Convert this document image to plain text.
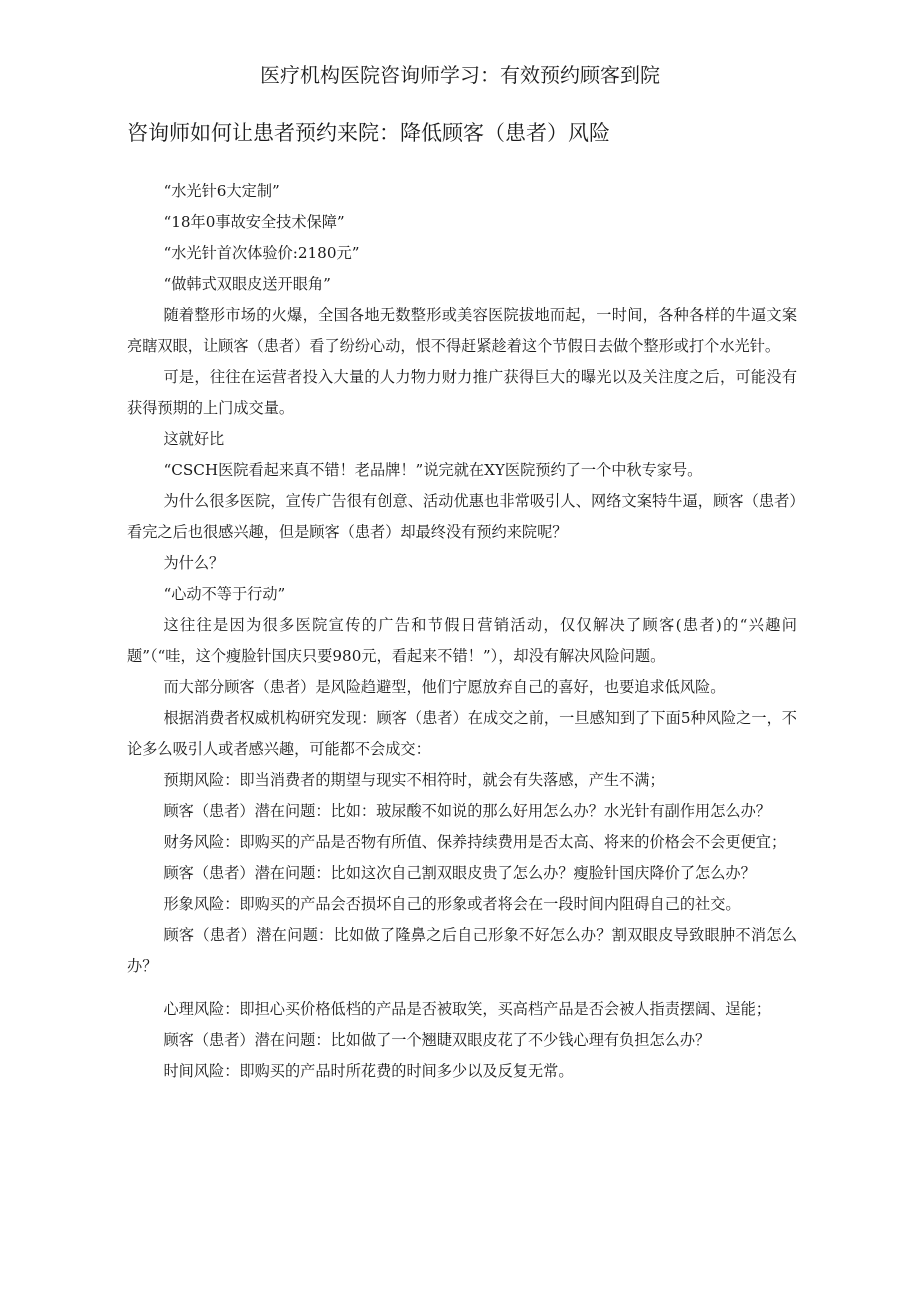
医疗机构医院咨询师学习：有效预约顾客到院
咨询师如何让患者预约来院：降低顾客（患者）风险

“水光针6大定制”

“18年0事故安全技术保障”

“水光针首次体验价:2180元”

“做韩式双眼皮送开眼角”

随着整形市场的火爆，全国各地无数整形或美容医院拔地而起，一时间，各种各样的牛逼文案亮瞎双眼，让顾客（患者）看了纷纷心动，恨不得赶紧趁着这个节假日去做个整形或打个水光针。

可是，往往在运营者投入大量的人力物力财力推广获得巨大的曝光以及关注度之后，可能没有获得预期的上门成交量。

这就好比

“CSCH医院看起来真不错！老品牌！”说完就在XY医院预约了一个中秋专家号。

为什么很多医院，宣传广告很有创意、活动优惠也非常吸引人、网络文案特牛逼，顾客（患者）看完之后也很感兴趣，但是顾客（患者）却最终没有预约来院呢？

为什么？

“心动不等于行动”

这往往是因为很多医院宣传的广告和节假日营销活动，仅仅解决了顾客(患者)的“兴趣问题”（“哇，这个瘦脸针国庆只要980元，看起来不错！”），却没有解决风险问题。

而大部分顾客（患者）是风险趋避型，他们宁愿放弃自己的喜好，也要追求低风险。

根据消费者权威机构研究发现：顾客（患者）在成交之前，一旦感知到了下面5种风险之一，不论多么吸引人或者感兴趣，可能都不会成交：

预期风险：即当消费者的期望与现实不相符时，就会有失落感，产生不满；

顾客（患者）潜在问题：比如：玻尿酸不如说的那么好用怎么办？水光针有副作用怎么办？

财务风险：即购买的产品是否物有所值、保养持续费用是否太高、将来的价格会不会更便宜；

顾客（患者）潜在问题：比如这次自己割双眼皮贵了怎么办？瘦脸针国庆降价了怎么办？

形象风险：即购买的产品会否损坏自己的形象或者将会在一段时间内阻碍自己的社交。

顾客（患者）潜在问题：比如做了隆鼻之后自己形象不好怎么办？割双眼皮导致眼肿不消怎么办？

心理风险：即担心买价格低档的产品是否被取笑，买高档产品是否会被人指责摆阔、逞能；

顾客（患者）潜在问题：比如做了一个翘睫双眼皮花了不少钱心理有负担怎么办？

时间风险：即购买的产品时所花费的时间多少以及反复无常。
